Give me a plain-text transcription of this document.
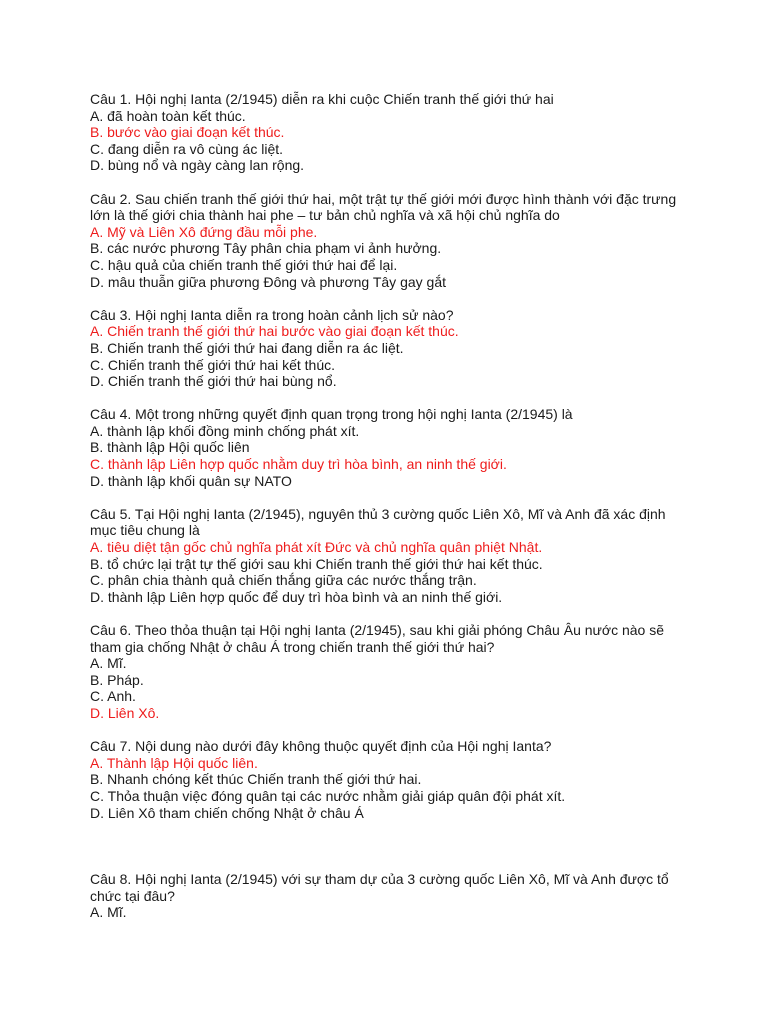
Câu 1. Hội nghị Ianta (2/1945) diễn ra khi cuộc Chiến tranh thế giới thứ hai
A. đã hoàn toàn kết thúc.
B. bước vào giai đoạn kết thúc.
C. đang diễn ra vô cùng ác liệt.
D. bùng nổ và ngày càng lan rộng.
Câu 2. Sau chiến tranh thế giới thứ hai, một trật tự thế giới mới được hình thành với đặc trưng
lớn là thế giới chia thành hai phe – tư bản chủ nghĩa và xã hội chủ nghĩa do
A. Mỹ và Liên Xô đứng đầu mỗi phe.
B. các nước phương Tây phân chia phạm vi ảnh hưởng.
C. hậu quả của chiến tranh thế giới thứ hai để lại.
D. mâu thuẫn giữa phương Đông và phương Tây gay gắt
Câu 3. Hội nghị Ianta diễn ra trong hoàn cảnh lịch sử nào?
A. Chiến tranh thế giới thứ hai bước vào giai đoạn kết thúc.
B. Chiến tranh thế giới thứ hai đang diễn ra ác liệt.
C. Chiến tranh thế giới thứ hai kết thúc.
D. Chiến tranh thế giới thứ hai bùng nổ.
Câu 4. Một trong những quyết định quan trọng trong hội nghị Ianta (2/1945) là
A. thành lập khối đồng minh chống phát xít.
B. thành lập Hội quốc liên
C. thành lập Liên hợp quốc nhằm duy trì hòa bình, an ninh thế giới.
D. thành lập khối quân sự NATO
Câu 5. Tại Hội nghị Ianta (2/1945), nguyên thủ 3 cường quốc Liên Xô, Mĩ và Anh đã xác định
mục tiêu chung là
A. tiêu diệt tận gốc chủ nghĩa phát xít Đức và chủ nghĩa quân phiệt Nhật.
B. tổ chức lại trật tự thế giới sau khi Chiến tranh thế giới thứ hai kết thúc.
C. phân chia thành quả chiến thắng giữa các nước thắng trận.
D. thành lập Liên hợp quốc để duy trì hòa bình và an ninh thế giới.
Câu 6. Theo thỏa thuận tại Hội nghị Ianta (2/1945), sau khi giải phóng Châu Âu nước nào sẽ
tham gia chống Nhật ở châu Á trong chiến tranh thế giới thứ hai?
A. Mĩ.
B. Pháp.
C. Anh.
D. Liên Xô.
Câu 7. Nội dung nào dưới đây không thuộc quyết định của Hội nghị Ianta?
A. Thành lập Hội quốc liên.
B. Nhanh chóng kết thúc Chiến tranh thế giới thứ hai.
C. Thỏa thuận việc đóng quân tại các nước nhằm giải giáp quân đội phát xít.
D. Liên Xô tham chiến chống Nhật ở châu Á
Câu 8. Hội nghị Ianta (2/1945) với sự tham dự của 3 cường quốc Liên Xô, Mĩ và Anh được tổ
chức tại đâu?
A. Mĩ.
